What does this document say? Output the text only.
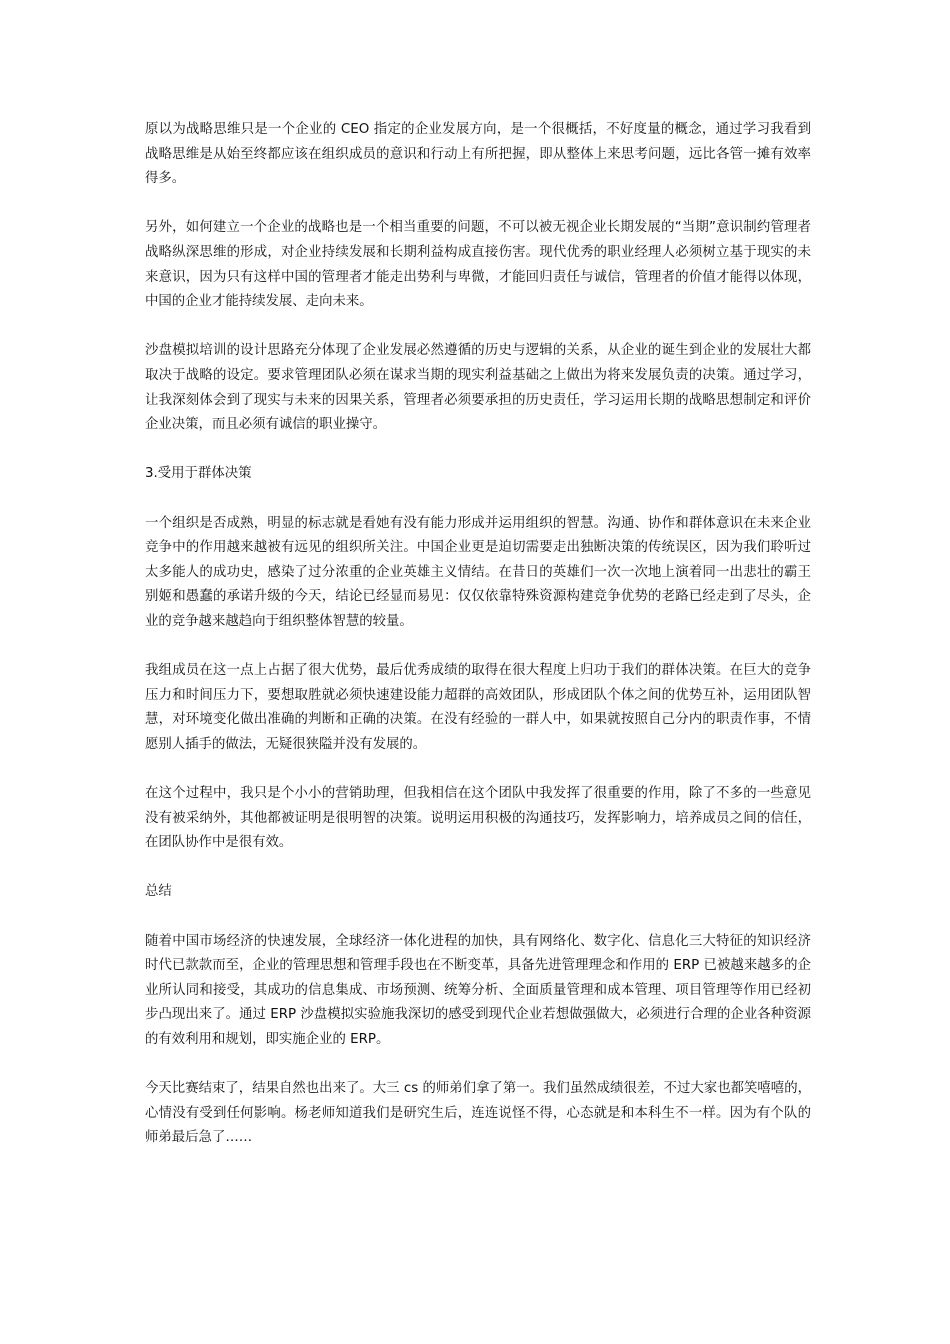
原以为战略思维只是一个企业的 CEO 指定的企业发展方向，是一个很概括，不好度量的概念，通过学习我看到战略思维是从始至终都应该在组织成员的意识和行动上有所把握，即从整体上来思考问题，远比各管一摊有效率得多。

另外，如何建立一个企业的战略也是一个相当重要的问题，不可以被无视企业长期发展的“当期”意识制约管理者战略纵深思维的形成，对企业持续发展和长期利益构成直接伤害。现代优秀的职业经理人必须树立基于现实的未来意识，因为只有这样中国的管理者才能走出势利与卑微，才能回归责任与诚信，管理者的价值才能得以体现，中国的企业才能持续发展、走向未来。

沙盘模拟培训的设计思路充分体现了企业发展必然遵循的历史与逻辑的关系，从企业的诞生到企业的发展壮大都取决于战略的设定。要求管理团队必须在谋求当期的现实利益基础之上做出为将来发展负责的决策。通过学习，让我深刻体会到了现实与未来的因果关系，管理者必须要承担的历史责任，学习运用长期的战略思想制定和评价企业决策，而且必须有诚信的职业操守。

3.受用于群体决策

一个组织是否成熟，明显的标志就是看她有没有能力形成并运用组织的智慧。沟通、协作和群体意识在未来企业竞争中的作用越来越被有远见的组织所关注。中国企业更是迫切需要走出独断决策的传统误区，因为我们聆听过太多能人的成功史，感染了过分浓重的企业英雄主义情结。在昔日的英雄们一次一次地上演着同一出悲壮的霸王别姬和愚蠢的承诺升级的今天，结论已经显而易见：仅仅依靠特殊资源构建竞争优势的老路已经走到了尽头，企业的竞争越来越趋向于组织整体智慧的较量。

我组成员在这一点上占据了很大优势，最后优秀成绩的取得在很大程度上归功于我们的群体决策。在巨大的竞争压力和时间压力下，要想取胜就必须快速建设能力超群的高效团队，形成团队个体之间的优势互补，运用团队智慧，对环境变化做出准确的判断和正确的决策。在没有经验的一群人中，如果就按照自己分内的职责作事，不情愿别人插手的做法，无疑很狭隘并没有发展的。

在这个过程中，我只是个小小的营销助理，但我相信在这个团队中我发挥了很重要的作用，除了不多的一些意见没有被采纳外，其他都被证明是很明智的决策。说明运用积极的沟通技巧，发挥影响力，培养成员之间的信任，在团队协作中是很有效。

总结

随着中国市场经济的快速发展，全球经济一体化进程的加快，具有网络化、数字化、信息化三大特征的知识经济时代已款款而至，企业的管理思想和管理手段也在不断变革，具备先进管理理念和作用的 ERP 已被越来越多的企业所认同和接受，其成功的信息集成、市场预测、统筹分析、全面质量管理和成本管理、项目管理等作用已经初步凸现出来了。通过 ERP 沙盘模拟实验施我深切的感受到现代企业若想做强做大，必须进行合理的企业各种资源的有效利用和规划，即实施企业的 ERP。

今天比赛结束了，结果自然也出来了。大三 cs 的师弟们拿了第一。我们虽然成绩很差，不过大家也都笑嘻嘻的，心情没有受到任何影响。杨老师知道我们是研究生后，连连说怪不得，心态就是和本科生不一样。因为有个队的师弟最后急了……
